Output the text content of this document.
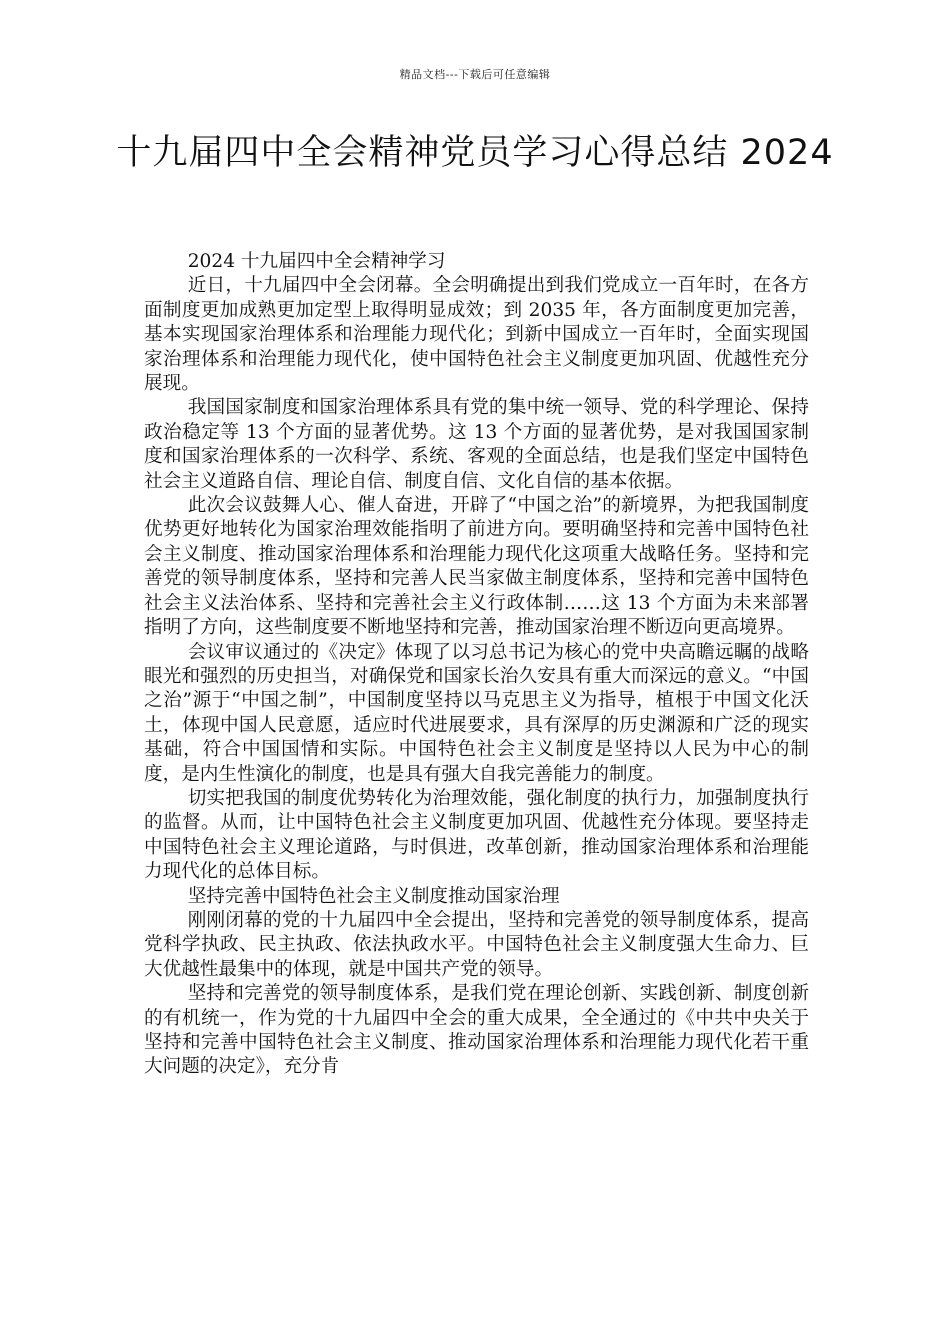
精品文档---下载后可任意编辑
十九届四中全会精神党员学习心得总结 2024

2024 十九届四中全会精神学习

近日，十九届四中全会闭幕。全会明确提出到我们党成立一百年时，在各方面制度更加成熟更加定型上取得明显成效；到 2035 年，各方面制度更加完善，基本实现国家治理体系和治理能力现代化；到新中国成立一百年时，全面实现国家治理体系和治理能力现代化，使中国特色社会主义制度更加巩固、优越性充分展现。

我国国家制度和国家治理体系具有党的集中统一领导、党的科学理论、保持政治稳定等 13 个方面的显著优势。这 13 个方面的显著优势，是对我国国家制度和国家治理体系的一次科学、系统、客观的全面总结，也是我们坚定中国特色社会主义道路自信、理论自信、制度自信、文化自信的基本依据。

此次会议鼓舞人心、催人奋进，开辟了“中国之治”的新境界，为把我国制度优势更好地转化为国家治理效能指明了前进方向。要明确坚持和完善中国特色社会主义制度、推动国家治理体系和治理能力现代化这项重大战略任务。坚持和完善党的领导制度体系，坚持和完善人民当家做主制度体系，坚持和完善中国特色社会主义法治体系、坚持和完善社会主义行政体制……这 13 个方面为未来部署指明了方向，这些制度要不断地坚持和完善，推动国家治理不断迈向更高境界。

会议审议通过的《决定》体现了以习总书记为核心的党中央高瞻远瞩的战略眼光和强烈的历史担当，对确保党和国家长治久安具有重大而深远的意义。“中国之治”源于“中国之制”，中国制度坚持以马克思主义为指导，植根于中国文化沃土，体现中国人民意愿，适应时代进展要求，具有深厚的历史渊源和广泛的现实基础，符合中国国情和实际。中国特色社会主义制度是坚持以人民为中心的制度，是内生性演化的制度，也是具有强大自我完善能力的制度。

切实把我国的制度优势转化为治理效能，强化制度的执行力，加强制度执行的监督。从而，让中国特色社会主义制度更加巩固、优越性充分体现。要坚持走中国特色社会主义理论道路，与时俱进，改革创新，推动国家治理体系和治理能力现代化的总体目标。

坚持完善中国特色社会主义制度推动国家治理

刚刚闭幕的党的十九届四中全会提出，坚持和完善党的领导制度体系，提高党科学执政、民主执政、依法执政水平。中国特色社会主义制度强大生命力、巨大优越性最集中的体现，就是中国共产党的领导。

坚持和完善党的领导制度体系，是我们党在理论创新、实践创新、制度创新的有机统一，作为党的十九届四中全会的重大成果，全全通过的《中共中央关于坚持和完善中国特色社会主义制度、推动国家治理体系和治理能力现代化若干重大问题的决定》，充分肯
